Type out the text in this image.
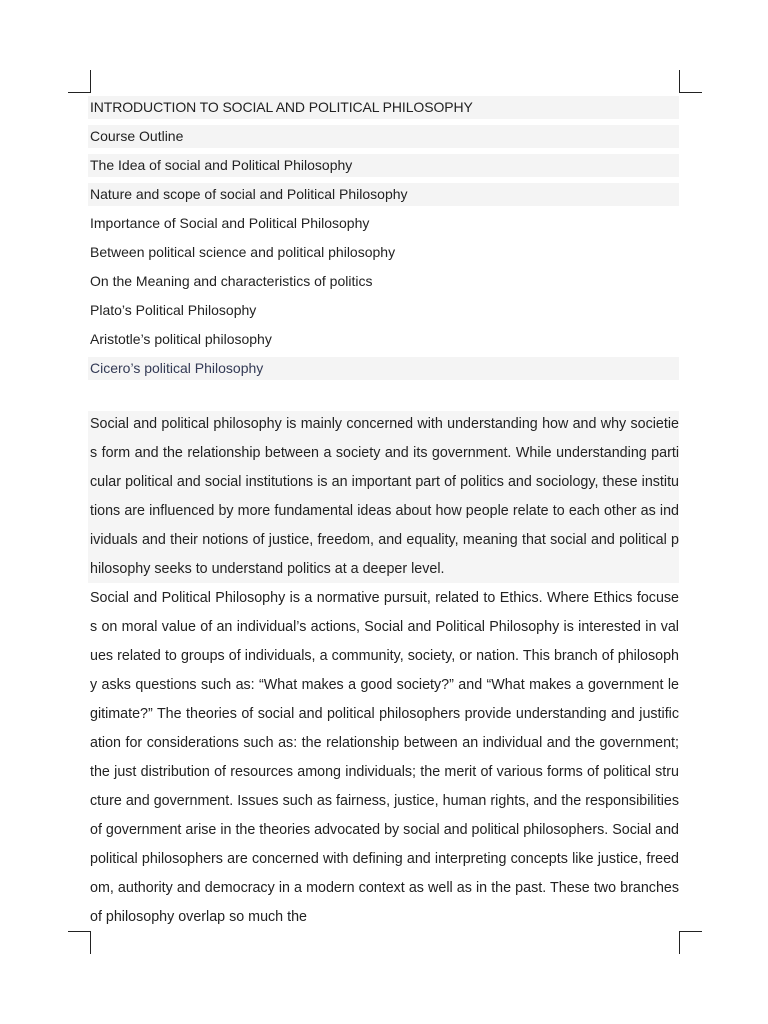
INTRODUCTION TO SOCIAL AND POLITICAL PHILOSOPHY
Course Outline
The Idea of social and Political Philosophy
Nature and scope of social and Political Philosophy
Importance of Social and Political Philosophy
Between political science and political philosophy
On the Meaning and characteristics of politics
Plato’s Political Philosophy
Aristotle’s political philosophy
Cicero’s political Philosophy

Social and political philosophy is mainly concerned with understanding how and why societies form and the relationship between a society and its government. While understanding particular political and social institutions is an important part of politics and sociology, these institutions are influenced by more fundamental ideas about how people relate to each other as individuals and their notions of justice, freedom, and equality, meaning that social and political philosophy seeks to understand politics at a deeper level.

Social and Political Philosophy is a normative pursuit, related to Ethics. Where Ethics focuses on moral value of an individual’s actions, Social and Political Philosophy is interested in values related to groups of individuals, a community, society, or nation. This branch of philosophy asks questions such as: “What makes a good society?” and “What makes a government legitimate?” The theories of social and political philosophers provide understanding and justification for considerations such as: the relationship between an individual and the government; the just distribution of resources among individuals; the merit of various forms of political structure and government. Issues such as fairness, justice, human rights, and the responsibilities of government arise in the theories advocated by social and political philosophers. Social and political philosophers are concerned with defining and interpreting concepts like justice, freedom, authority and democracy in a modern context as well as in the past. These two branches of philosophy overlap so much the
